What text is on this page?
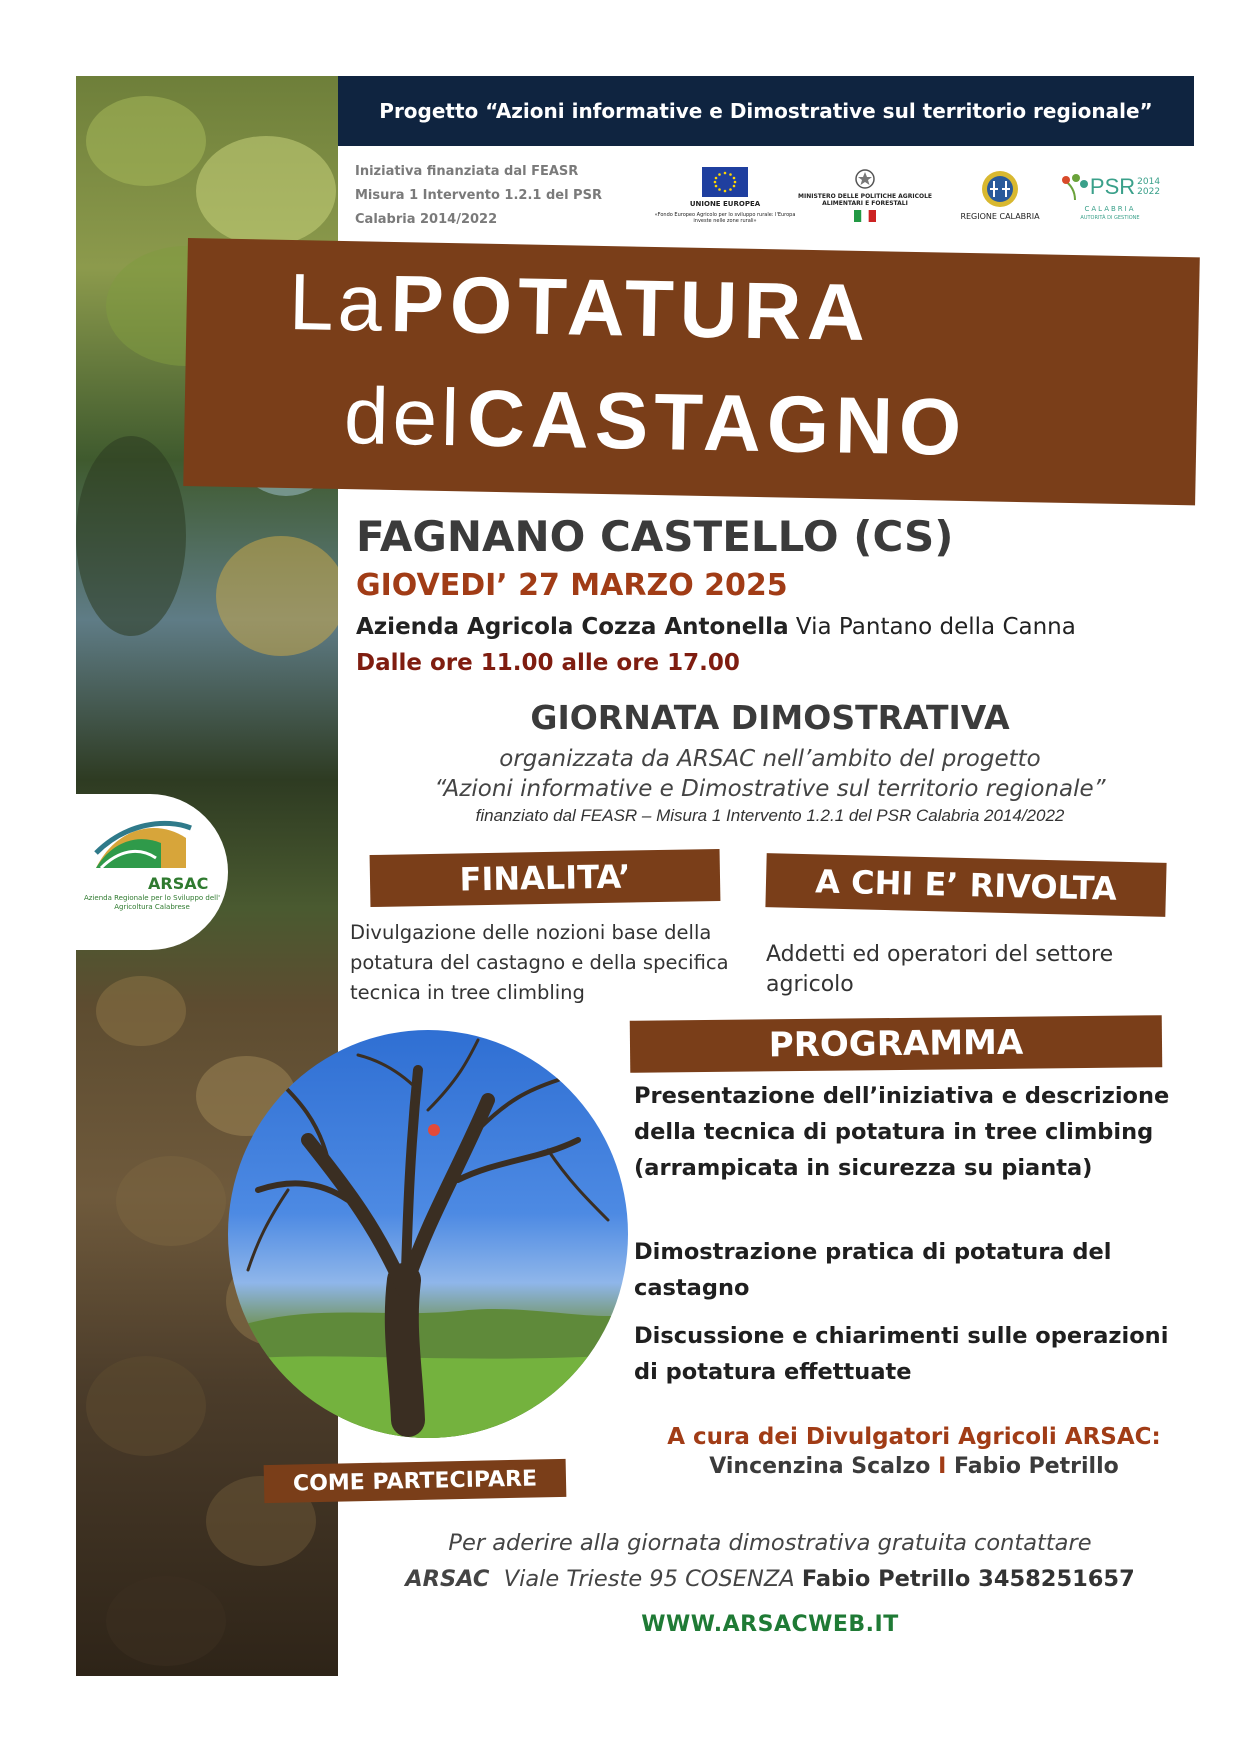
Progetto “Azioni informative e Dimostrative sul territorio regionale”
Iniziativa finanziata dal FEASR Misura 1 Intervento 1.2.1 del PSR Calabria 2014/2022
UNIONE EUROPEA
«Fondo Europeo Agricolo per lo sviluppo rurale: l'Europa investe nelle zone rurali»
MINISTERO DELLE POLITICHE AGRICOLE ALIMENTARI E FORESTALI
REGIONE CALABRIA
PSR 2014
2022
CALABRIA
AUTORITÀ DI GESTIONE
La POTATURA
del CASTAGNO
FAGNANO CASTELLO (CS)
GIOVEDI’ 27 MARZO 2025
Azienda Agricola Cozza Antonella Via Pantano della Canna
Dalle ore 11.00 alle ore 17.00
GIORNATA DIMOSTRATIVA
organizzata da ARSAC nell’ambito del progetto
“Azioni informative e Dimostrative sul territorio regionale”
finanziato dal FEASR – Misura 1 Intervento 1.2.1 del PSR Calabria 2014/2022
ARSAC
Azienda Regionale per lo Sviluppo dell' Agricoltura Calabrese
FINALITA’	A CHI E’ RIVOLTA
Divulgazione delle nozioni base della potatura del castagno e della specifica tecnica in tree climbling
Addetti ed operatori del settore agricolo
PROGRAMMA
Presentazione dell’iniziativa e descrizione della tecnica di potatura in tree climbing (arrampicata in sicurezza su pianta)
Dimostrazione pratica di potatura del castagno
Discussione e chiarimenti sulle operazioni di potatura effettuate
A cura dei Divulgatori Agricoli ARSAC:
Vincenzina Scalzo I Fabio Petrillo
COME PARTECIPARE
Per aderire alla giornata dimostrativa gratuita contattare
ARSAC Viale Trieste 95 COSENZA Fabio Petrillo 3458251657
WWW.ARSACWEB.IT
